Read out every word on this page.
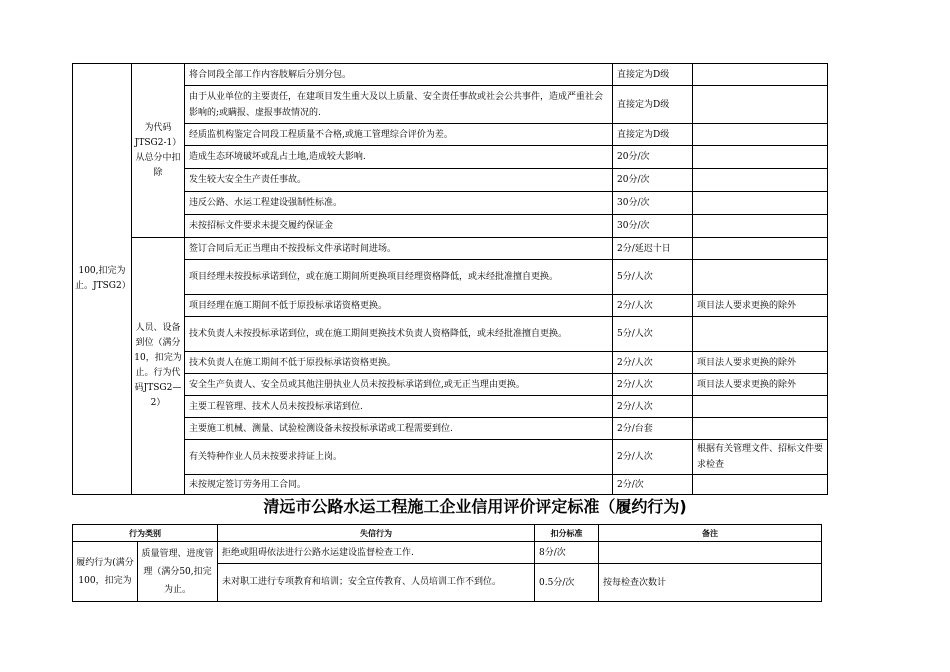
100,扣完为止。JTSG2）	为代码JTSG2-1）从总分中扣除	将合同段全部工作内容肢解后分别分包。	直接定为D级	
		由于从业单位的主要责任，在建项目发生重大及以上质量、安全责任事故或社会公共事件，造成严重社会影响的;或瞒报、虚报事故情况的.	直接定为D级	
		经质监机构鉴定合同段工程质量不合格,或施工管理综合评价为差。	直接定为D级	
		造成生态环境破坏或乱占土地,造成较大影响.	20分/次	
		发生较大安全生产责任事故。	20分/次	
		违反公路、水运工程建设强制性标准。	30分/次	
		未按招标文件要求未提交履约保证金	30分/次	
	人员、设备到位（满分10，扣完为止。行为代码JTSG2—2）	签订合同后无正当理由不按投标文件承诺时间进场。	2分/延迟十日	
		项目经理未按投标承诺到位，或在施工期间所更换项目经理资格降低，或未经批准擅自更换。	5分/人次	
		项目经理在施工期间不低于原投标承诺资格更换。	2分/人次	项目法人要求更换的除外
		技术负责人未按投标承诺到位，或在施工期间更换技术负责人资格降低，或未经批准擅自更换。	5分/人次	
		技术负责人在施工期间不低于原投标承诺资格更换。	2分/人次	项目法人要求更换的除外
		安全生产负责人、安全员或其他注册执业人员未按投标承诺到位,或无正当理由更换。	2分/人次	项目法人要求更换的除外
		主要工程管理、技术人员未按投标承诺到位.	2分/人次	
		主要施工机械、测量、试验检测设备未按投标承诺或工程需要到位.	2分/台套	
		有关特种作业人员未按要求持证上岗。	2分/人次	根据有关管理文件、招标文件要求检查
		未按规定签订劳务用工合同。	2分/次	
清远市公路水运工程施工企业信用评价评定标准（履约行为)
行为类别		失信行为	扣分标准	备注
履约行为(满分100，扣完为	质量管理、进度管理（满分50,扣完为止。	拒绝或阻碍依法进行公路水运建设监督检查工作.	8分/次	
		未对职工进行专项教育和培训；安全宣传教育、人员培训工作不到位。	0.5分/次	按每检查次数计
